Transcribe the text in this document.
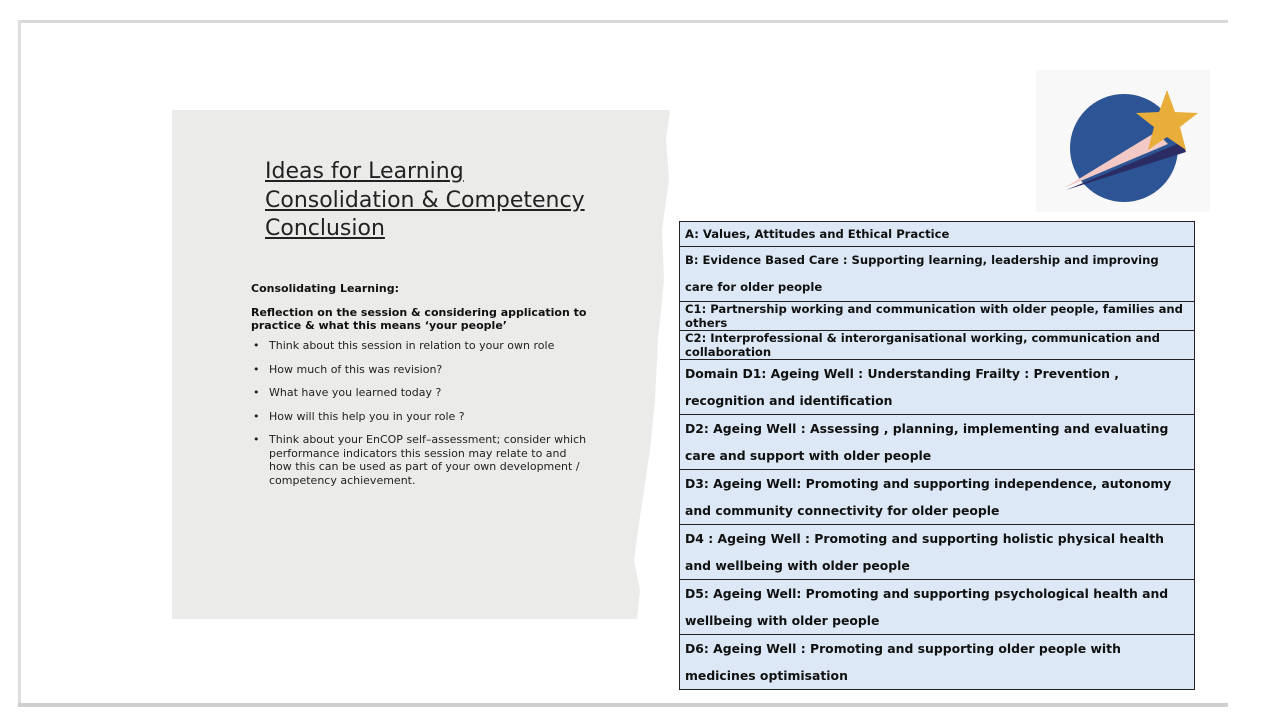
Ideas for Learning
Consolidation & Competency
Conclusion

Consolidating Learning:

Reflection on the session & considering application to practice & what this means ‘your people’

• Think about this session in relation to your own role
• How much of this was revision?
• What have you learned today ?
• How will this help you in your role ?
• Think about your EnCOP self–assessment; consider which performance indicators this session may relate to and how this can be used as part of your own development / competency achievement.
A: Values, Attitudes and Ethical Practice
B: Evidence Based Care : Supporting learning, leadership and improving care for older people
C1: Partnership working and communication with older people, families and others
C2: Interprofessional & interorganisational working, communication and collaboration
Domain D1: Ageing Well : Understanding Frailty : Prevention , recognition and identification
D2: Ageing Well : Assessing , planning, implementing and evaluating care and support with older people
D3: Ageing Well: Promoting and supporting independence, autonomy and community connectivity for older people
D4 : Ageing Well : Promoting and supporting holistic physical health and wellbeing with older people
D5: Ageing Well: Promoting and supporting psychological health and wellbeing with older people
D6: Ageing Well : Promoting and supporting older people with medicines optimisation
